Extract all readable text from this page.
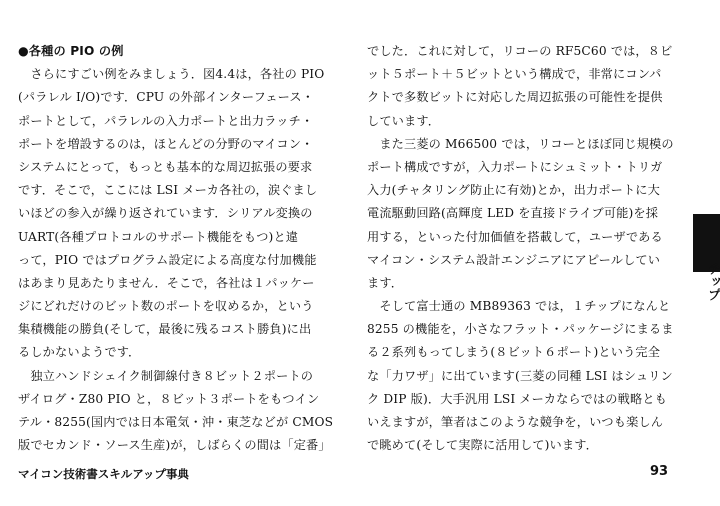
●各種の PIO の例
　さらにすごい例をみましょう．図4.4は，各社の PIO
(パラレル I/O)です．CPU の外部インターフェース・
ポートとして，パラレルの入力ポートと出力ラッチ・
ポートを増設するのは，ほとんどの分野のマイコン・
システムにとって，もっとも基本的な周辺拡張の要求
です．そこで，ここには LSI メーカ各社の，涙ぐまし
いほどの参入が繰り返されています．シリアル変換の
UART(各種プロトコルのサポート機能をもつ)と違
って，PIO ではプログラム設定による高度な付加機能
はあまり見あたりません．そこで，各社は１パッケー
ジにどれだけのビット数のポートを収めるか，という
集積機能の勝負(そして，最後に残るコスト勝負)に出
るしかないようです．
　独立ハンドシェイク制御線付き８ビット２ポートの
ザイログ・Z80 PIO と，８ビット３ポートをもつイン
テル・8255(国内では日本電気・沖・東芝などが CMOS
版でセカンド・ソース生産)が，しばらくの間は「定番」
でした．これに対して，リコーの RF5C60 では，８ビ
ット５ポート＋５ビットという構成で，非常にコンパ
クトで多数ビットに対応した周辺拡張の可能性を提供
しています．
　また三菱の M66500 では，リコーとほぼ同じ規模の
ポート構成ですが，入力ポートにシュミット・トリガ
入力(チャタリング防止に有効)とか，出力ポートに大
電流駆動回路(高輝度 LED を直接ドライブ可能)を採
用する，といった付加価値を搭載して，ユーザである
マイコン・システム設計エンジニアにアピールしてい
ます．
　そして富士通の MB89363 では，１チップになんと
8255 の機能を，小さなフラット・パッケージにまるま
る２系列もってしまう(８ビット６ポート)という完全
な「力ワザ」に出ています(三菱の同種 LSI はシュリン
ク DIP 版)．大手汎用 LSI メーカならではの戦略とも
いえますが，筆者はこのような競争を，いつも楽しん
で眺めて(そして実際に活用して)います．
チップ
マイコン技術書スキルアップ事典	93
